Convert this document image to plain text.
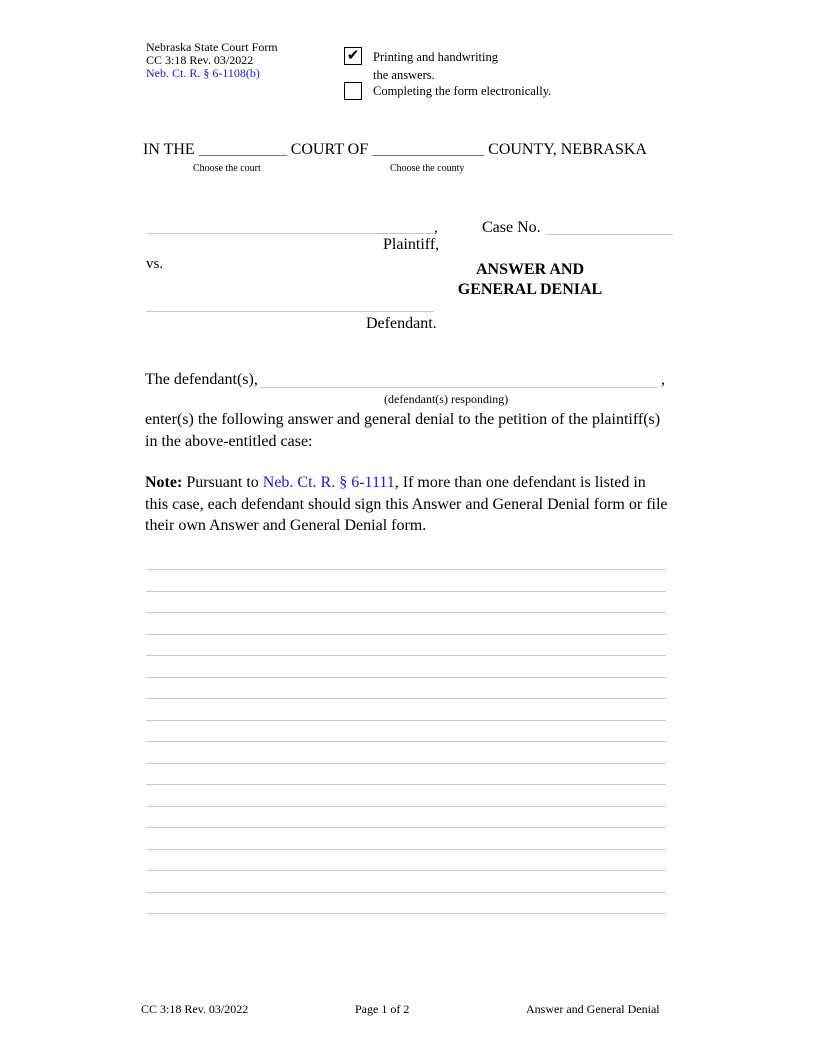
Nebraska State Court Form
CC 3:18 Rev. 03/2022
Neb. Ct. R. § 6-1108(b)
✔ Printing and handwriting
the answers.
Completing the form electronically.
IN THE ___________ COURT OF ______________ COUNTY, NEBRASKA
Choose the court	Choose the county
,
Plaintiff,
Case No.
vs.	ANSWER AND
GENERAL DENIAL
Defendant.
The defendant(s),	,
(defendant(s) responding)
enter(s) the following answer and general denial to the petition of the plaintiff(s)
in the above-entitled case:
Note: Pursuant to Neb. Ct. R. § 6-1111, If more than one defendant is listed in
this case, each defendant should sign this Answer and General Denial form or file
their own Answer and General Denial form.
CC 3:18 Rev. 03/2022	Page 1 of 2	Answer and General Denial
